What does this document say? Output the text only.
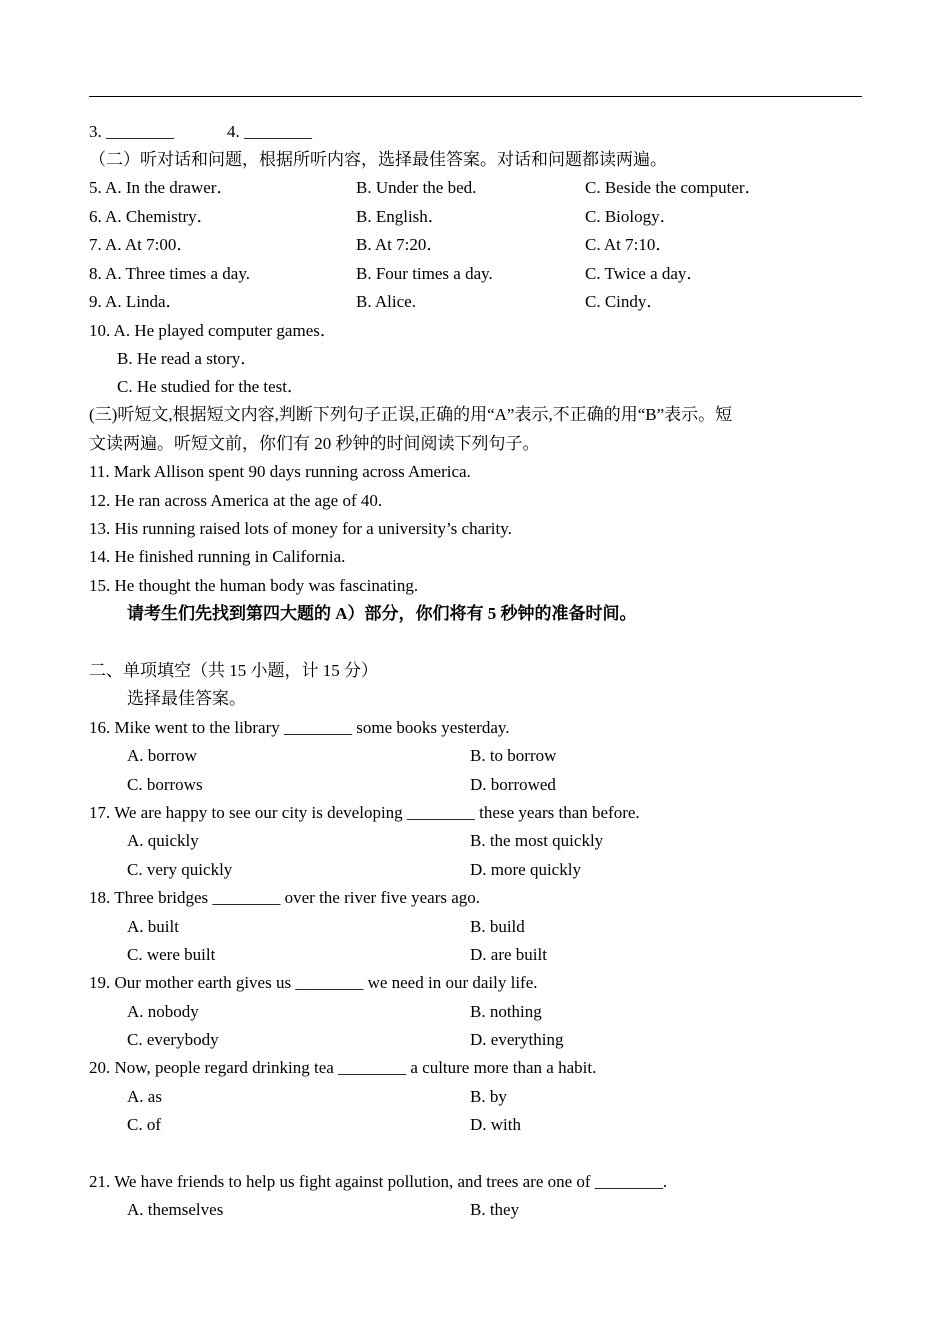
3. ________	4. ________
（二）听对话和问题，根据所听内容，选择最佳答案。对话和问题都读两遍。
5. A. In the drawer．	B. Under the bed.	C. Beside the computer．
6. A. Chemistry．	B. English．	C. Biology．
7. A. At 7:00．	B. At 7:20．	C. At 7:10．
8. A. Three times a day.	B. Four times a day.	C. Twice a day．
9. A. Linda．	B. Alice.	C. Cindy．
10. A. He played computer games．
B. He read a story．
C. He studied for the test．
(三)听短文,根据短文内容,判断下列句子正误,正确的用“A”表示,不正确的用“B”表示。短
文读两遍。听短文前，你们有 20 秒钟的时间阅读下列句子。
11. Mark Allison spent 90 days running across America.
12. He ran across America at the age of 40.
13. His running raised lots of money for a university’s charity.
14. He finished running in California.
15. He thought the human body was fascinating.
请考生们先找到第四大题的 A）部分，你们将有 5 秒钟的准备时间。
二、单项填空（共 15 小题，计 15 分）
选择最佳答案。
16. Mike went to the library ________ some books yesterday.
A. borrow	B. to borrow
C. borrows	D. borrowed
17. We are happy to see our city is developing ________ these years than before.
A. quickly	B. the most quickly
C. very quickly	D. more quickly
18. Three bridges ________ over the river five years ago.
A. built	B. build
C. were built	D. are built
19. Our mother earth gives us ________ we need in our daily life.
A. nobody	B. nothing
C. everybody	D. everything
20. Now, people regard drinking tea ________ a culture more than a habit.
A. as	B. by
C. of	D. with
21. We have friends to help us fight against pollution, and trees are one of ________.
A. themselves	B. they
